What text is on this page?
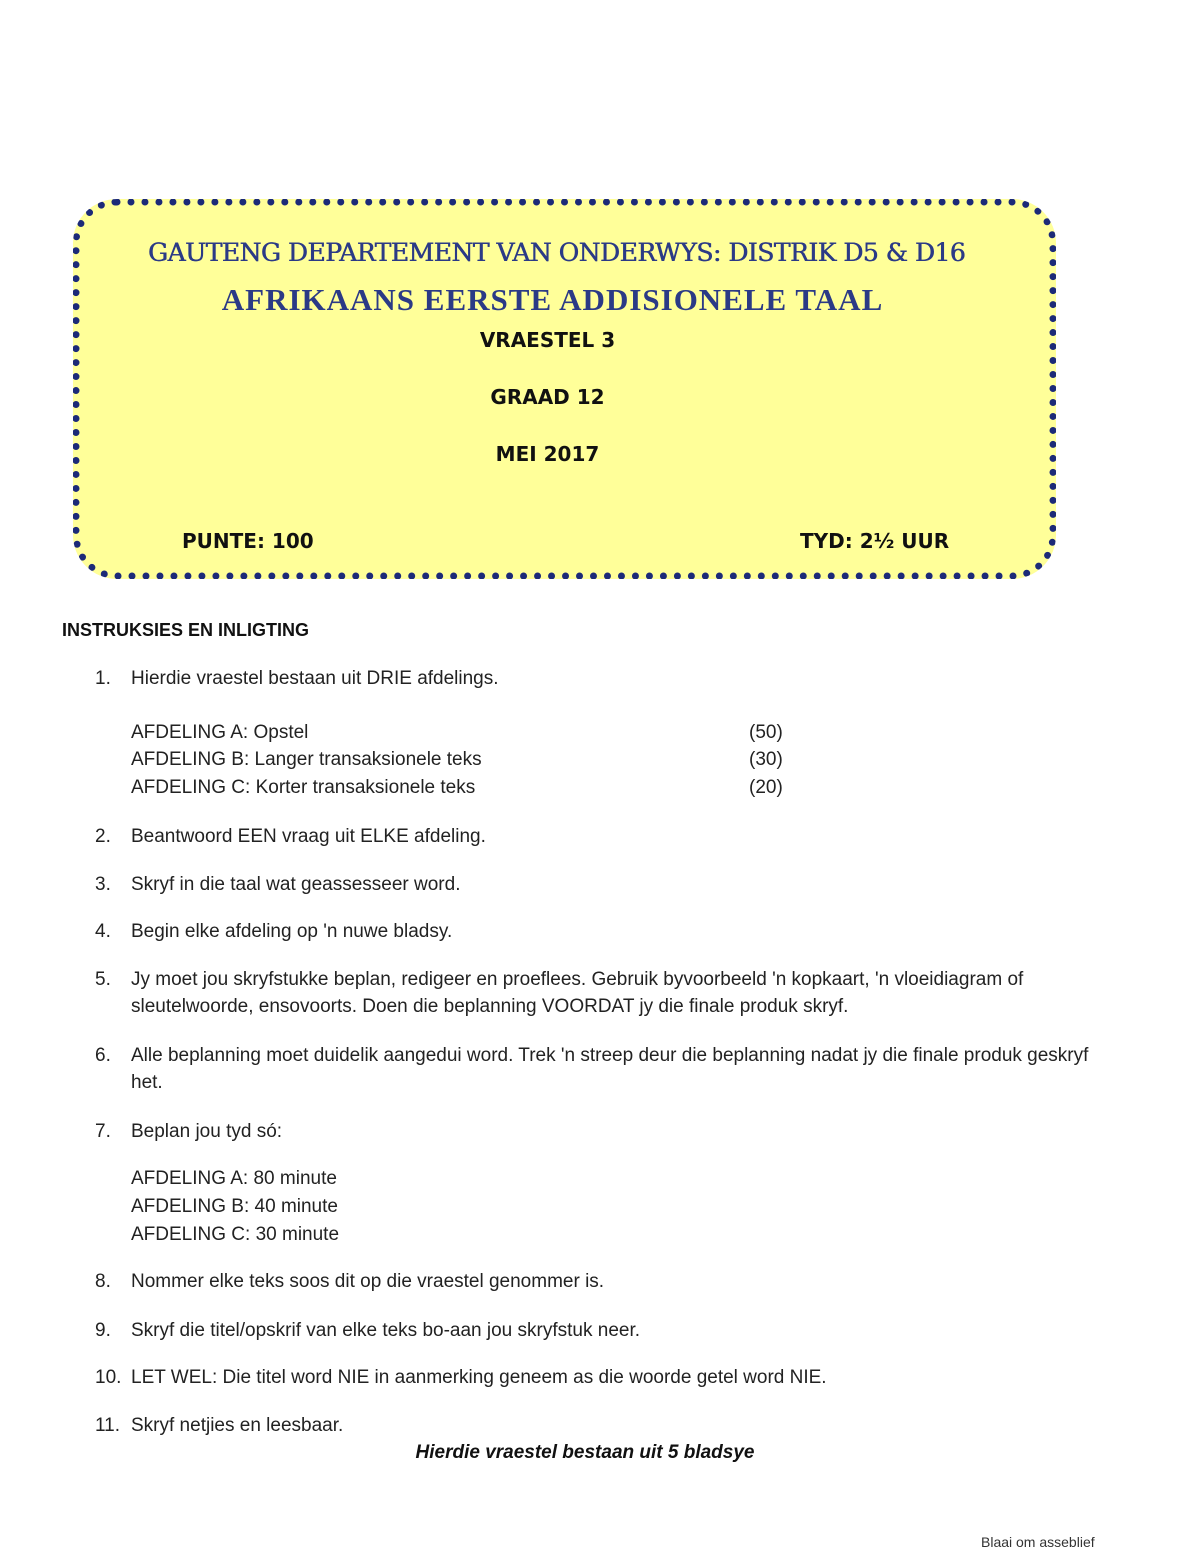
GAUTENG DEPARTEMENT VAN ONDERWYS: DISTRIK D5 & D16
AFRIKAANS EERSTE ADDISIONELE TAAL
VRAESTEL 3
GRAAD 12
MEI 2017
PUNTE: 100	TYD: 2½ UUR
INSTRUKSIES EN INLIGTING
1. Hierdie vraestel bestaan uit DRIE afdelings.
AFDELING A: Opstel	(50)
AFDELING B: Langer transaksionele teks	(30)
AFDELING C: Korter transaksionele teks	(20)
2. Beantwoord EEN vraag uit ELKE afdeling.
3. Skryf in die taal wat geassesseer word.
4. Begin elke afdeling op 'n nuwe bladsy.
5. Jy moet jou skryfstukke beplan, redigeer en proeflees. Gebruik byvoorbeeld 'n kopkaart, 'n vloeidiagram of sleutelwoorde, ensovoorts. Doen die beplanning VOORDAT jy die finale produk skryf.
6. Alle beplanning moet duidelik aangedui word. Trek 'n streep deur die beplanning nadat jy die finale produk geskryf het.
7. Beplan jou tyd só:
AFDELING A: 80 minute
AFDELING B: 40 minute
AFDELING C: 30 minute
8. Nommer elke teks soos dit op die vraestel genommer is.
9. Skryf die titel/opskrif van elke teks bo-aan jou skryfstuk neer.
10. LET WEL: Die titel word NIE in aanmerking geneem as die woorde getel word NIE.
11. Skryf netjies en leesbaar.
Hierdie vraestel bestaan uit 5 bladsye
Blaai om asseblief
